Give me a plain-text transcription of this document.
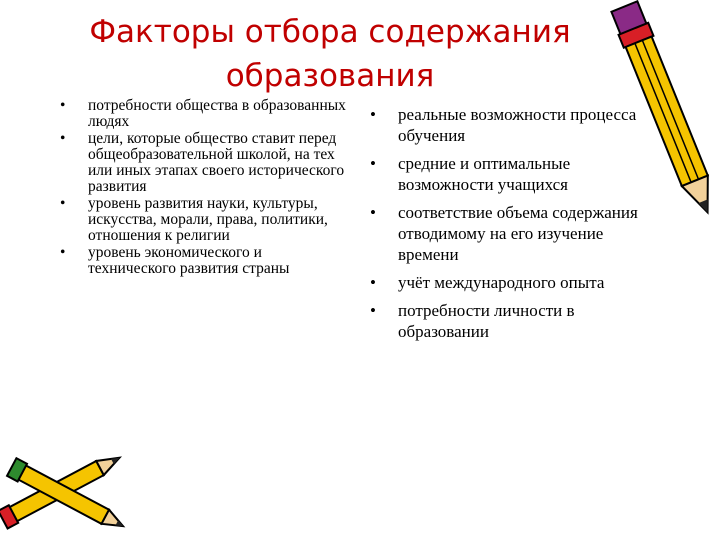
Факторы отбора содержания
образования
• потребности общества в образованных людях
• цели, которые общество ставит перед общеобразовательной школой, на тех или иных этапах своего исторического развития
• уровень развития науки, культуры, искусства, морали, права, политики, отношения к религии
• уровень экономического и технического развития страны
• реальные возможности процесса обучения
• средние и оптимальные возможности учащихся
• соответствие объема содержания отводимому на его изучение времени
• учёт международного опыта
• потребности личности в образовании
